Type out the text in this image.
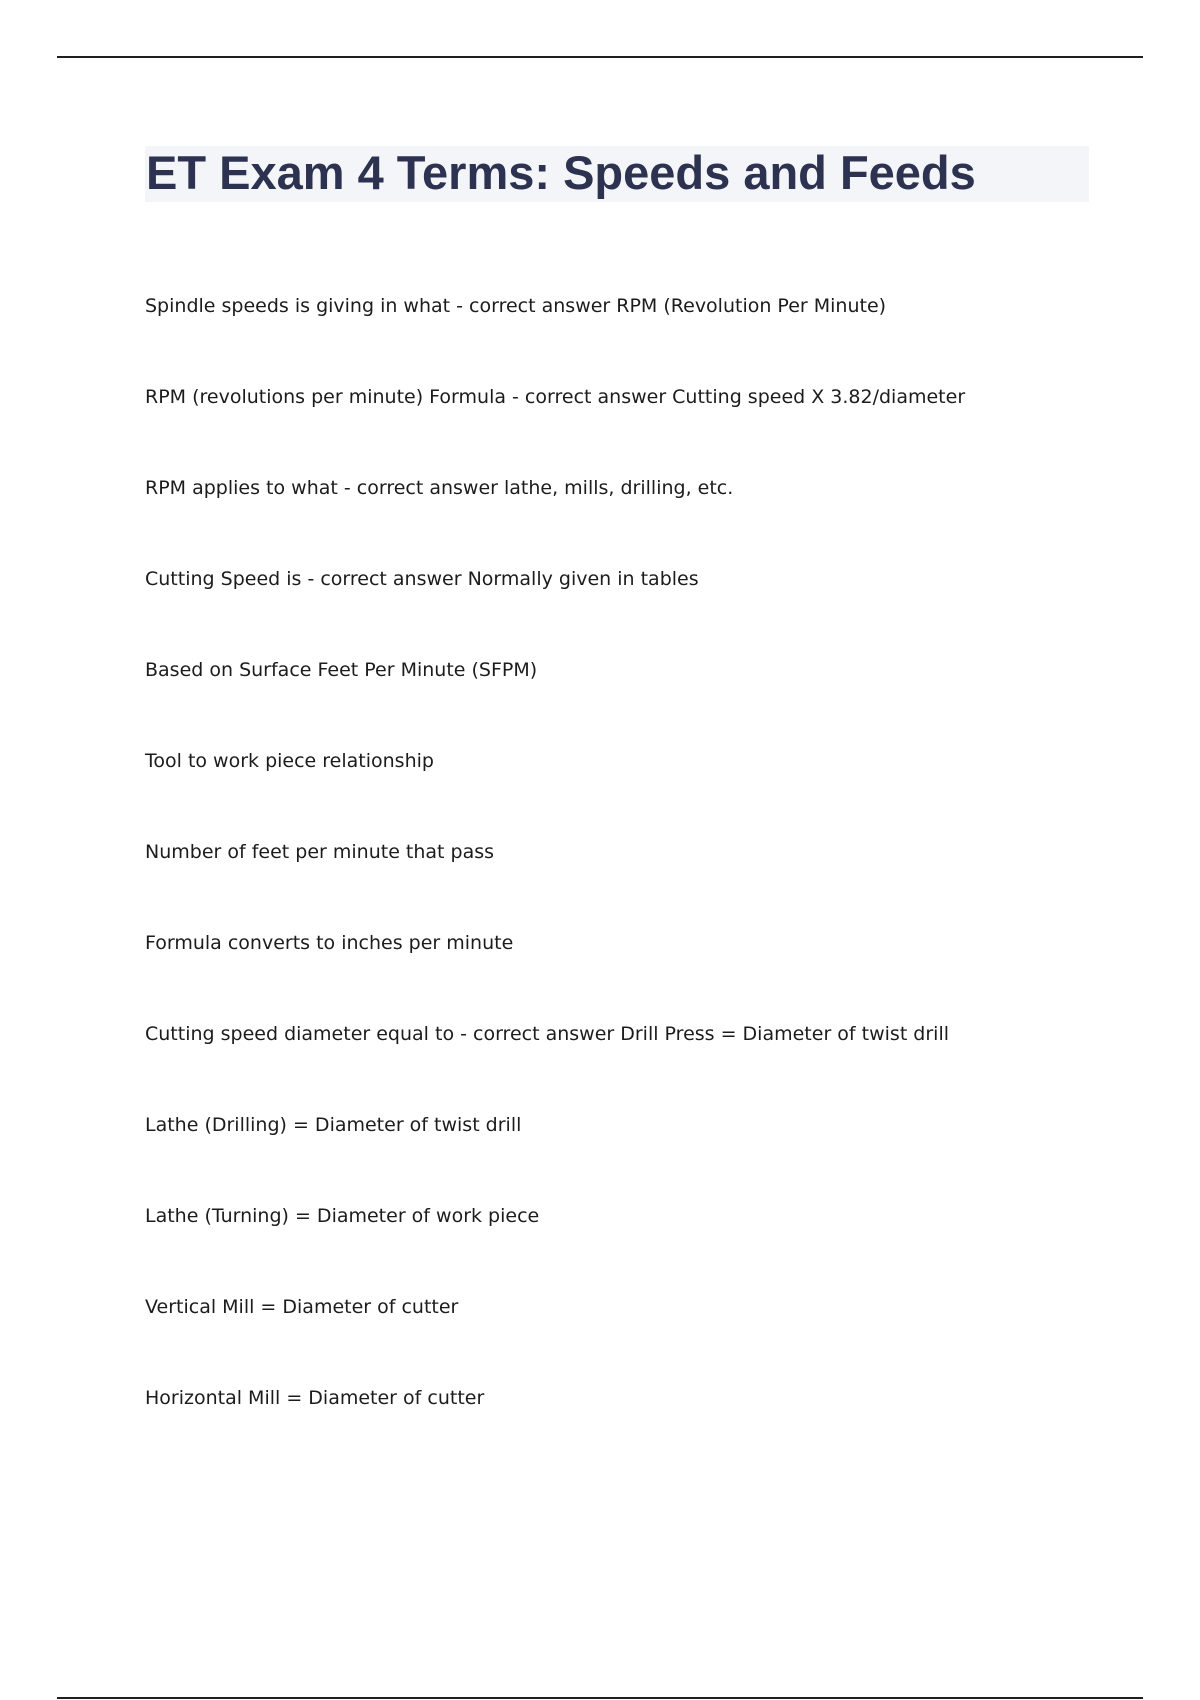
ET Exam 4 Terms: Speeds and Feeds
Spindle speeds is giving in what - correct answer RPM (Revolution Per Minute)
RPM (revolutions per minute) Formula - correct answer Cutting speed X 3.82/diameter
RPM applies to what - correct answer lathe, mills, drilling, etc.
Cutting Speed is - correct answer Normally given in tables
Based on Surface Feet Per Minute (SFPM)
Tool to work piece relationship
Number of feet per minute that pass
Formula converts to inches per minute
Cutting speed diameter equal to - correct answer Drill Press = Diameter of twist drill
Lathe (Drilling) = Diameter of twist drill
Lathe (Turning) = Diameter of work piece
Vertical Mill = Diameter of cutter
Horizontal Mill = Diameter of cutter
